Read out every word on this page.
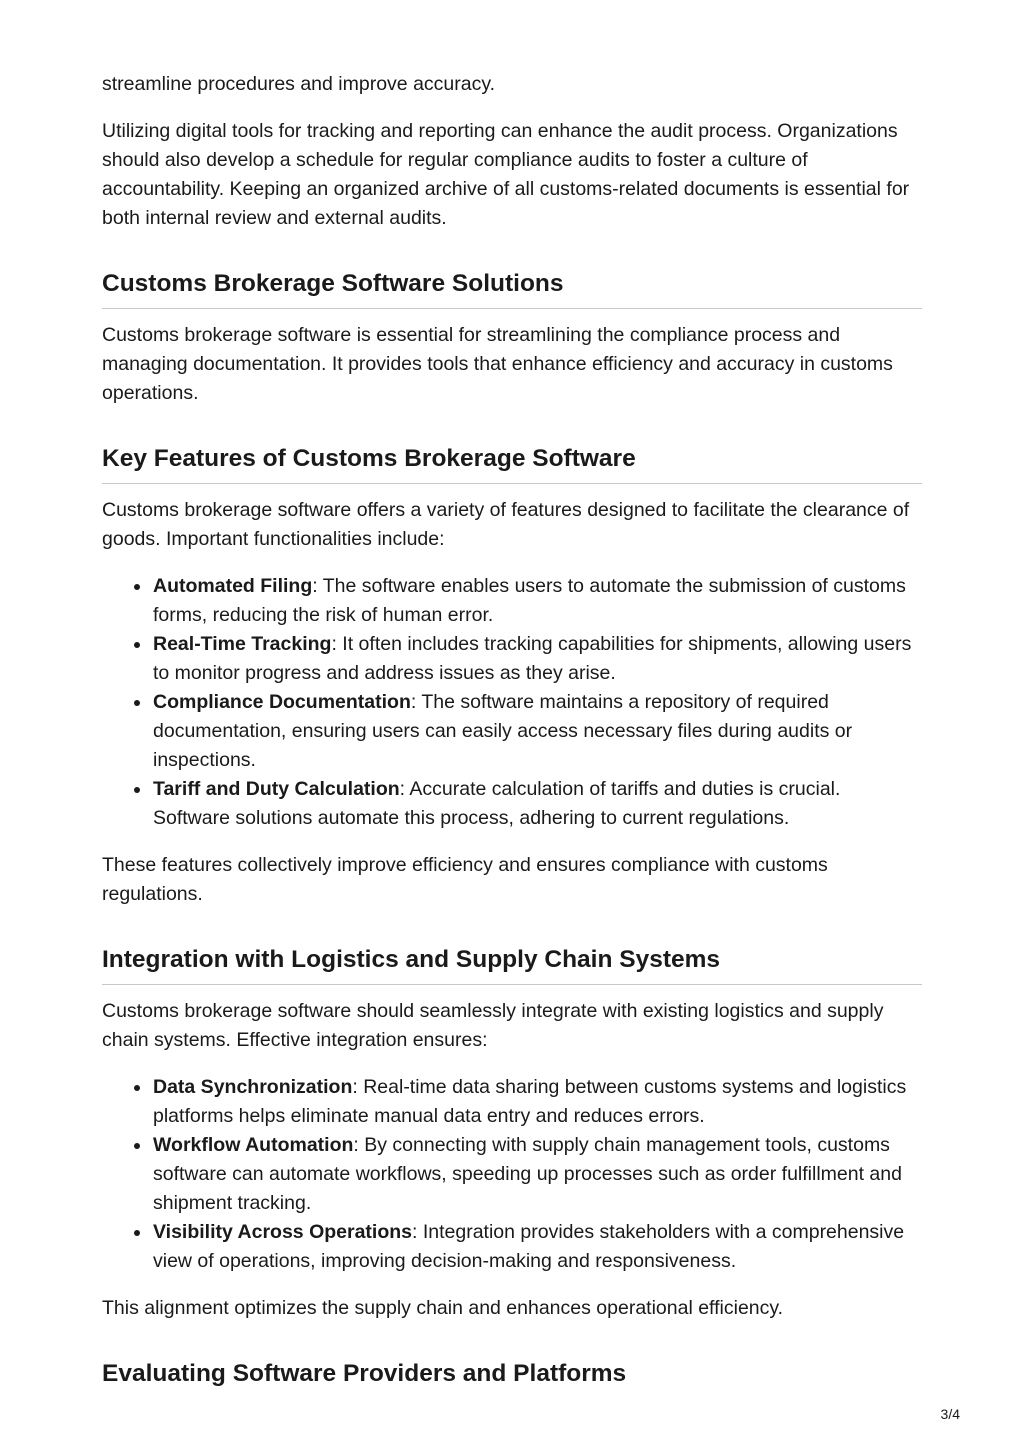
streamline procedures and improve accuracy.

Utilizing digital tools for tracking and reporting can enhance the audit process. Organizations should also develop a schedule for regular compliance audits to foster a culture of accountability. Keeping an organized archive of all customs-related documents is essential for both internal review and external audits.

Customs Brokerage Software Solutions

Customs brokerage software is essential for streamlining the compliance process and managing documentation. It provides tools that enhance efficiency and accuracy in customs operations.

Key Features of Customs Brokerage Software

Customs brokerage software offers a variety of features designed to facilitate the clearance of goods. Important functionalities include:

Automated Filing: The software enables users to automate the submission of customs forms, reducing the risk of human error.
Real-Time Tracking: It often includes tracking capabilities for shipments, allowing users to monitor progress and address issues as they arise.
Compliance Documentation: The software maintains a repository of required documentation, ensuring users can easily access necessary files during audits or inspections.
Tariff and Duty Calculation: Accurate calculation of tariffs and duties is crucial. Software solutions automate this process, adhering to current regulations.

These features collectively improve efficiency and ensures compliance with customs regulations.

Integration with Logistics and Supply Chain Systems

Customs brokerage software should seamlessly integrate with existing logistics and supply chain systems. Effective integration ensures:

Data Synchronization: Real-time data sharing between customs systems and logistics platforms helps eliminate manual data entry and reduces errors.
Workflow Automation: By connecting with supply chain management tools, customs software can automate workflows, speeding up processes such as order fulfillment and shipment tracking.
Visibility Across Operations: Integration provides stakeholders with a comprehensive view of operations, improving decision-making and responsiveness.

This alignment optimizes the supply chain and enhances operational efficiency.

Evaluating Software Providers and Platforms
3/4
